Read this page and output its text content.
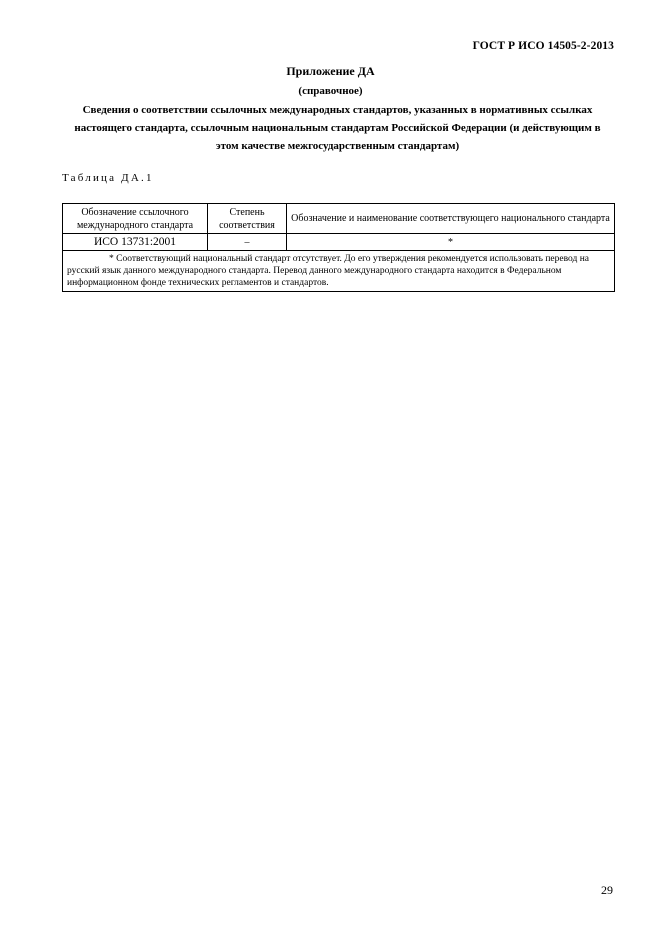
ГОСТ Р ИСО 14505-2-2013
Приложение ДА
(справочное)
Сведения о соответствии ссылочных международных стандартов, указанных в нормативных ссылках настоящего стандарта, ссылочным национальным стандартам Российской Федерации (и действующим в этом качестве межгосударственным стандартам)
Таблица ДА.1
Обозначение ссылочного международного стандарта	Степень соответствия	Обозначение и наименование соответствующего национального стандарта
ИСО 13731:2001	–	*
* Соответствующий национальный стандарт отсутствует. До его утверждения рекомендуется использовать перевод на русский язык данного международного стандарта. Перевод данного международного стандарта находится в Федеральном информационном фонде технических регламентов и стандартов.		
29
